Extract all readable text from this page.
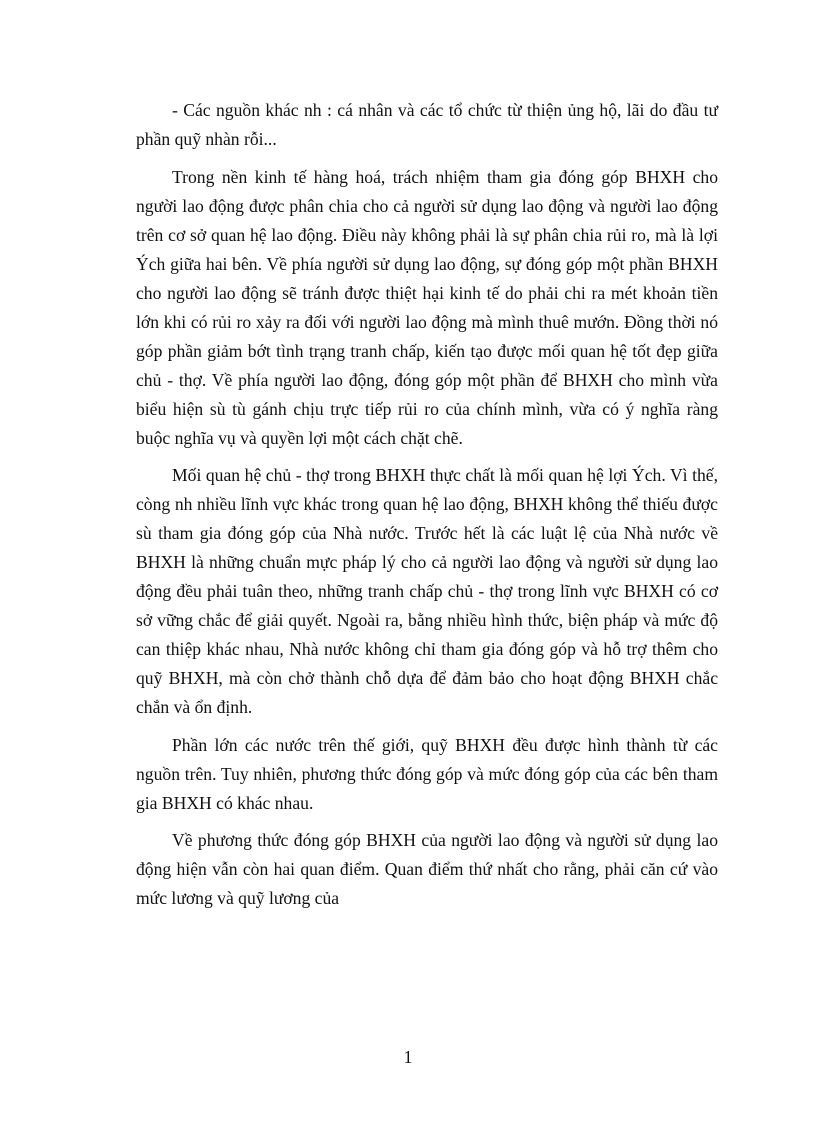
- Các nguồn khác nh : cá nhân và các tổ chức từ thiện ủng hộ, lãi do đầu tư phần quỹ nhàn rỗi...

Trong nền kinh tế hàng hoá, trách nhiệm tham gia đóng góp BHXH cho người lao động được phân chia cho cả người sử dụng lao động và người lao động trên cơ sở quan hệ lao động. Điều này không phải là sự phân chia rủi ro, mà là lợi Ých giữa hai bên. Về phía người sử dụng lao động, sự đóng góp một phần BHXH cho người lao động sẽ tránh được thiệt hại kinh tế do phải chi ra mét khoản tiền lớn khi có rủi ro xảy ra đối với người lao động mà mình thuê mướn. Đồng thời nó góp phần giảm bớt tình trạng tranh chấp, kiến tạo được mối quan hệ tốt đẹp giữa chủ - thợ. Về phía người lao động, đóng góp một phần để BHXH cho mình vừa biểu hiện sù tù gánh chịu trực tiếp rủi ro của chính mình, vừa có ý nghĩa ràng buộc nghĩa vụ và quyền lợi một cách chặt chẽ.

Mối quan hệ chủ - thợ trong BHXH thực chất là mối quan hệ lợi Ých. Vì thế, còng nh nhiều lĩnh vực khác trong quan hệ lao động, BHXH không thể thiếu được sù tham gia đóng góp của Nhà nước. Trước hết là các luật lệ của Nhà nước về BHXH là những chuẩn mực pháp lý cho cả người lao động và người sử dụng lao động đều phải tuân theo, những tranh chấp chủ - thợ trong lĩnh vực BHXH có cơ sở vững chắc để giải quyết. Ngoài ra, bằng nhiều hình thức, biện pháp và mức độ can thiệp khác nhau, Nhà nước không chỉ tham gia đóng góp và hỗ trợ thêm cho quỹ BHXH, mà còn chở thành chỗ dựa để đảm bảo cho hoạt động BHXH chắc chắn và ổn định.

Phần lớn các nước trên thế giới, quỹ BHXH đều được hình thành từ các nguồn trên. Tuy nhiên, phương thức đóng góp và mức đóng góp của các bên tham gia BHXH có khác nhau.

Về phương thức đóng góp BHXH của người lao động và người sử dụng lao động hiện vẫn còn hai quan điểm. Quan điểm thứ nhất cho rằng, phải căn cứ vào mức lương và quỹ lương của

1
